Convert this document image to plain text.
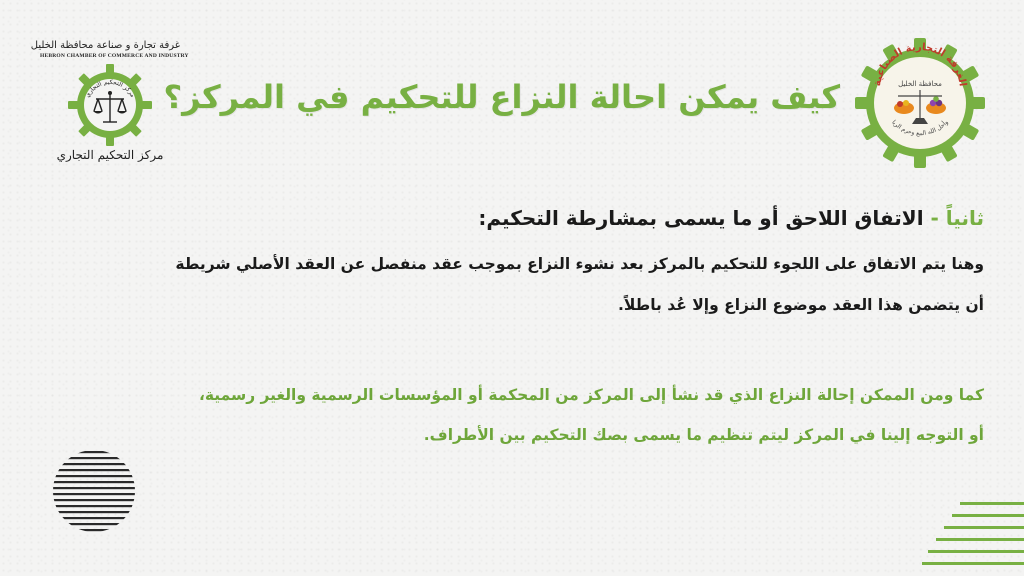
غرفة تجارة و صناعة محافظة الخليل
HEBRON CHAMBER OF COMMERCE AND INDUSTRY
مركز التحكيم التجاري
مركز التحكيم التجاري
الغرفة التجارية الصناعية
محافظة الخليل
وأحل الله البيع وحرم الربا
كيف يمكن احالة النزاع للتحكيم في المركز؟
ثانياً - الاتفاق اللاحق أو ما يسمى بمشارطة التحكيم:
وهنا يتم الاتفاق على اللجوء للتحكيم بالمركز بعد نشوء النزاع بموجب عقد منفصل عن العقد الأصلي شريطة
أن يتضمن هذا العقد موضوع النزاع وإلا عُد باطلاً.
كما ومن الممكن إحالة النزاع الذي قد نشأ إلى المركز من المحكمة أو المؤسسات الرسمية والغير رسمية،
أو التوجه إلينا في المركز ليتم تنظيم ما يسمى بصك التحكيم بين الأطراف.
